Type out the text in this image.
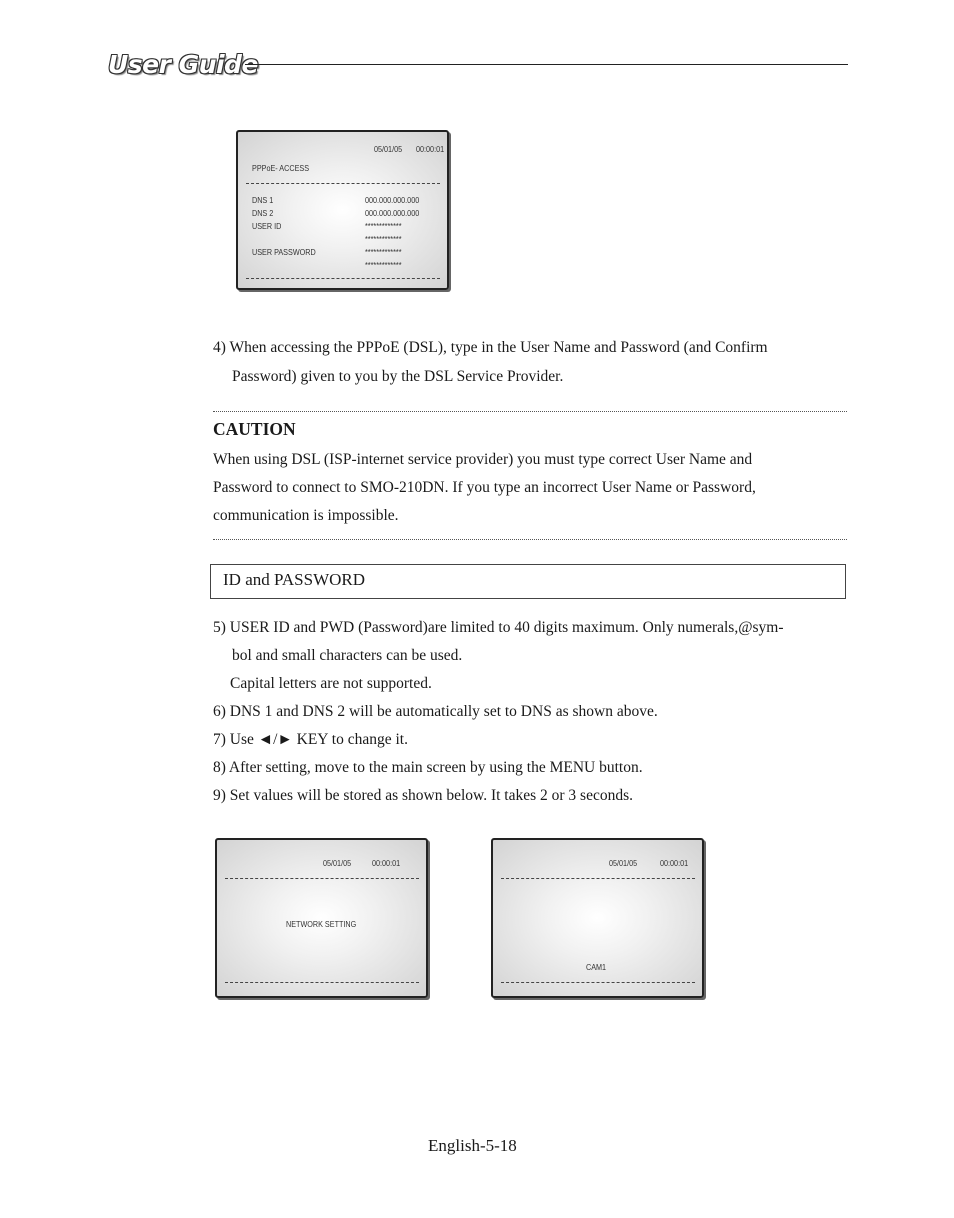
User Guide
05/01/05 00:00:01
PPPoE- ACCESS
DNS 1
DNS 2
USER ID
USER PASSWORD
000.000.000.000
000.000.000.000
*************
*************
*************
*************
4) When accessing the PPPoE (DSL), type in the User Name and Password (and Confirm
Password) given to you by the DSL Service Provider.
CAUTION
When using DSL (ISP-internet service provider) you must type correct User Name and
Password to connect to SMO-210DN. If you type an incorrect User Name or Password,
communication is impossible.
ID and PASSWORD
5) USER ID and PWD (Password)are limited to 40 digits maximum. Only numerals,@sym-
bol and small characters can be used.
Capital letters are not supported.
6) DNS 1 and DNS 2 will be automatically set to DNS as shown above.
7) Use ◄/► KEY to change it.
8) After setting, move to the main screen by using the MENU button.
9) Set values will be stored as shown below. It takes 2 or 3 seconds.
05/01/05 00:00:01
NETWORK SETTING
05/01/05	00:00:01
CAM1
English-5-18
